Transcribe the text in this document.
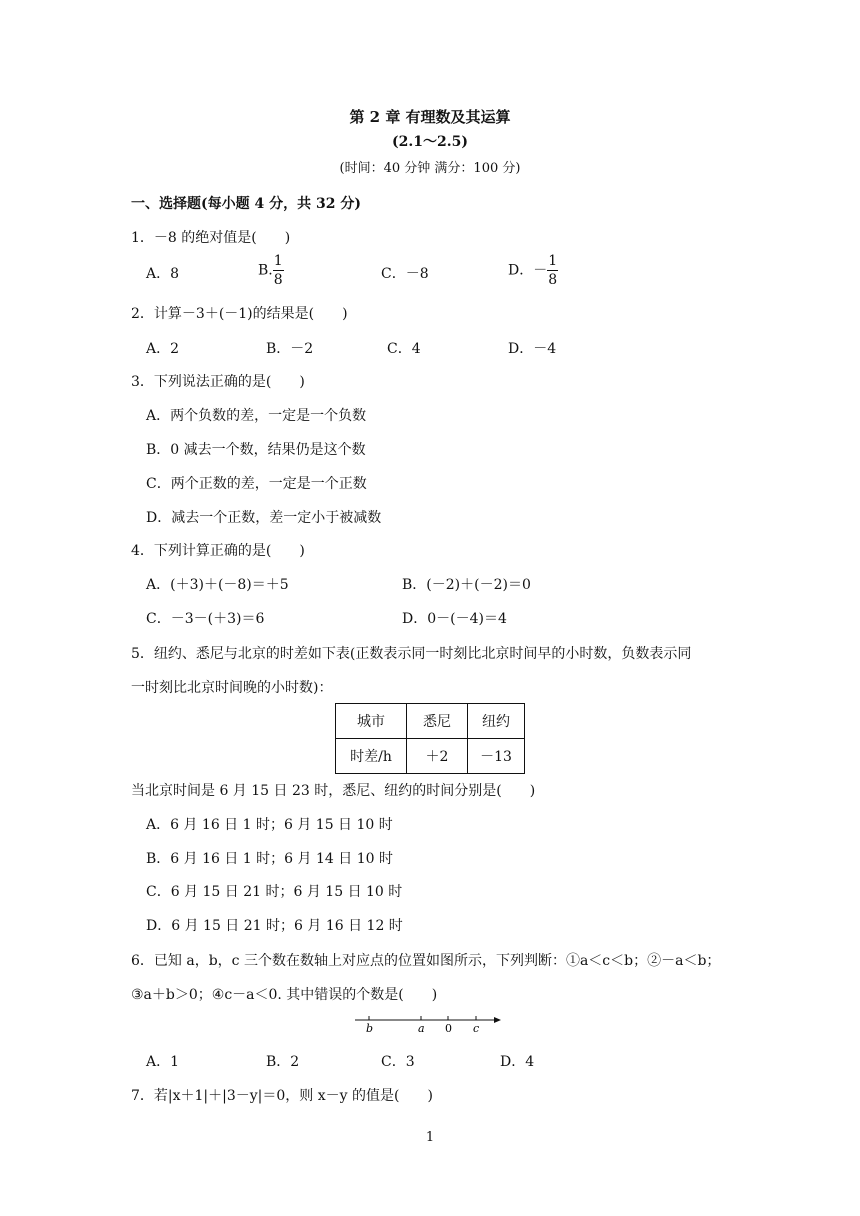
第 2 章 有理数及其运算
(2.1～2.5)
(时间：40 分钟 满分：100 分)
一、选择题(每小题 4 分，共 32 分)
1．－8 的绝对值是(　　)
A．8	B. $\frac{1}{8}$	C．－8	D．－ $\frac{1}{8}$
2．计算－3＋(－1)的结果是(　　)
A．2	B．－2	C．4	D．－4
3．下列说法正确的是(　　)
A．两个负数的差，一定是一个负数
B．0 减去一个数，结果仍是这个数
C．两个正数的差，一定是一个正数
D．减去一个正数，差一定小于被减数
4．下列计算正确的是(　　)
A．(＋3)＋(－8)＝＋5	B．(－2)＋(－2)＝0
C．－3－(＋3)＝6	D．0－(－4)＝4
5．纽约、悉尼与北京的时差如下表(正数表示同一时刻比北京时间早的小时数，负数表示同
一时刻比北京时间晚的小时数)：
城市	悉尼	纽约
时差/h	＋2	－13
当北京时间是 6 月 15 日 23 时，悉尼、纽约的时间分别是(　　)
A．6 月 16 日 1 时；6 月 15 日 10 时
B．6 月 16 日 1 时；6 月 14 日 10 时
C．6 月 15 日 21 时；6 月 15 日 10 时
D．6 月 15 日 21 时；6 月 16 日 12 时
6．已知 a，b，c 三个数在数轴上对应点的位置如图所示，下列判断：①a＜c＜b；②－a＜b；
③a＋b＞0；④c－a＜0. 其中错误的个数是(　　)
b	a 0 c
A．1	B．2	C．3	D．4
7．若|x＋1|＋|3－y|＝0，则 x－y 的值是(　　)
1
